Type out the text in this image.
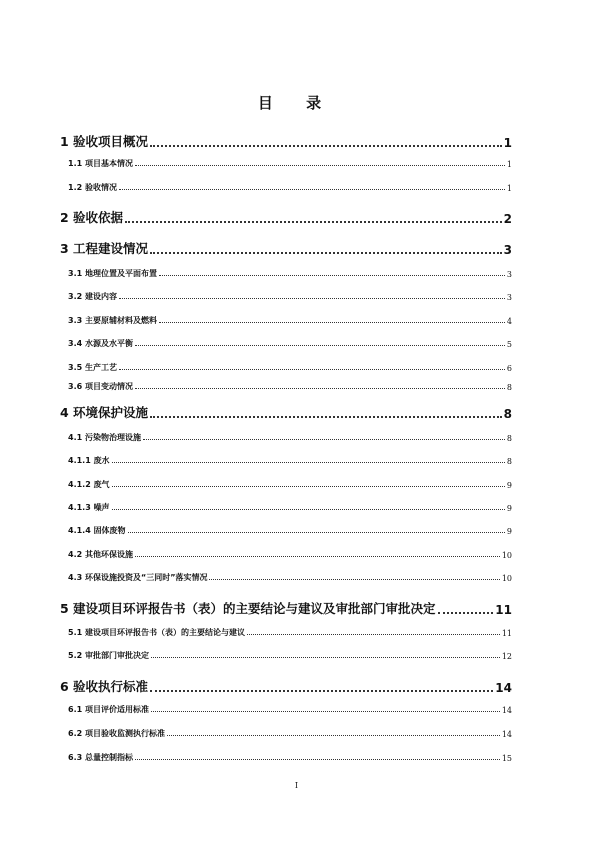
目 录
1 验收项目概况	1
1.1 项目基本情况	1
1.2 验收情况	1
2 验收依据	2
3 工程建设情况	3
3.1 地理位置及平面布置	3
3.2 建设内容	3
3.3 主要原辅材料及燃料	4
3.4 水源及水平衡	5
3.5 生产工艺	6
3.6 项目变动情况	8
4 环境保护设施	8
4.1 污染物治理设施	8
4.1.1 废水	8
4.1.2 废气	9
4.1.3 噪声	9
4.1.4 固体废物	9
4.2 其他环保设施	10
4.3 环保设施投资及“三同时”落实情况	10
5 建设项目环评报告书（表）的主要结论与建议及审批部门审批决定	11
5.1 建设项目环评报告书（表）的主要结论与建议	11
5.2 审批部门审批决定	12
6 验收执行标准	14
6.1 项目评价适用标准	14
6.2 项目验收监测执行标准	14
6.3 总量控制指标	15
I
